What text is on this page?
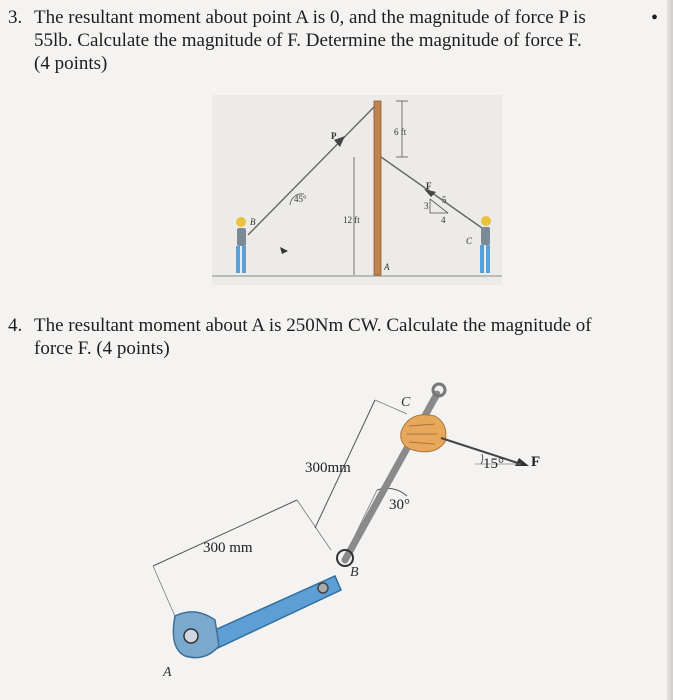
3. The resultant moment about point A is 0, and the magnitude of force P is
55lb. Calculate the magnitude of F. Determine the magnitude of force F.
(4 points)
•
6 ft
12 ft
P
45°
F
3
4
5
A
B
C
4. The resultant moment about A is 250Nm CW. Calculate the magnitude of
force F. (4 points)
300 mm
300mm
30°
C
15° F
B
A
